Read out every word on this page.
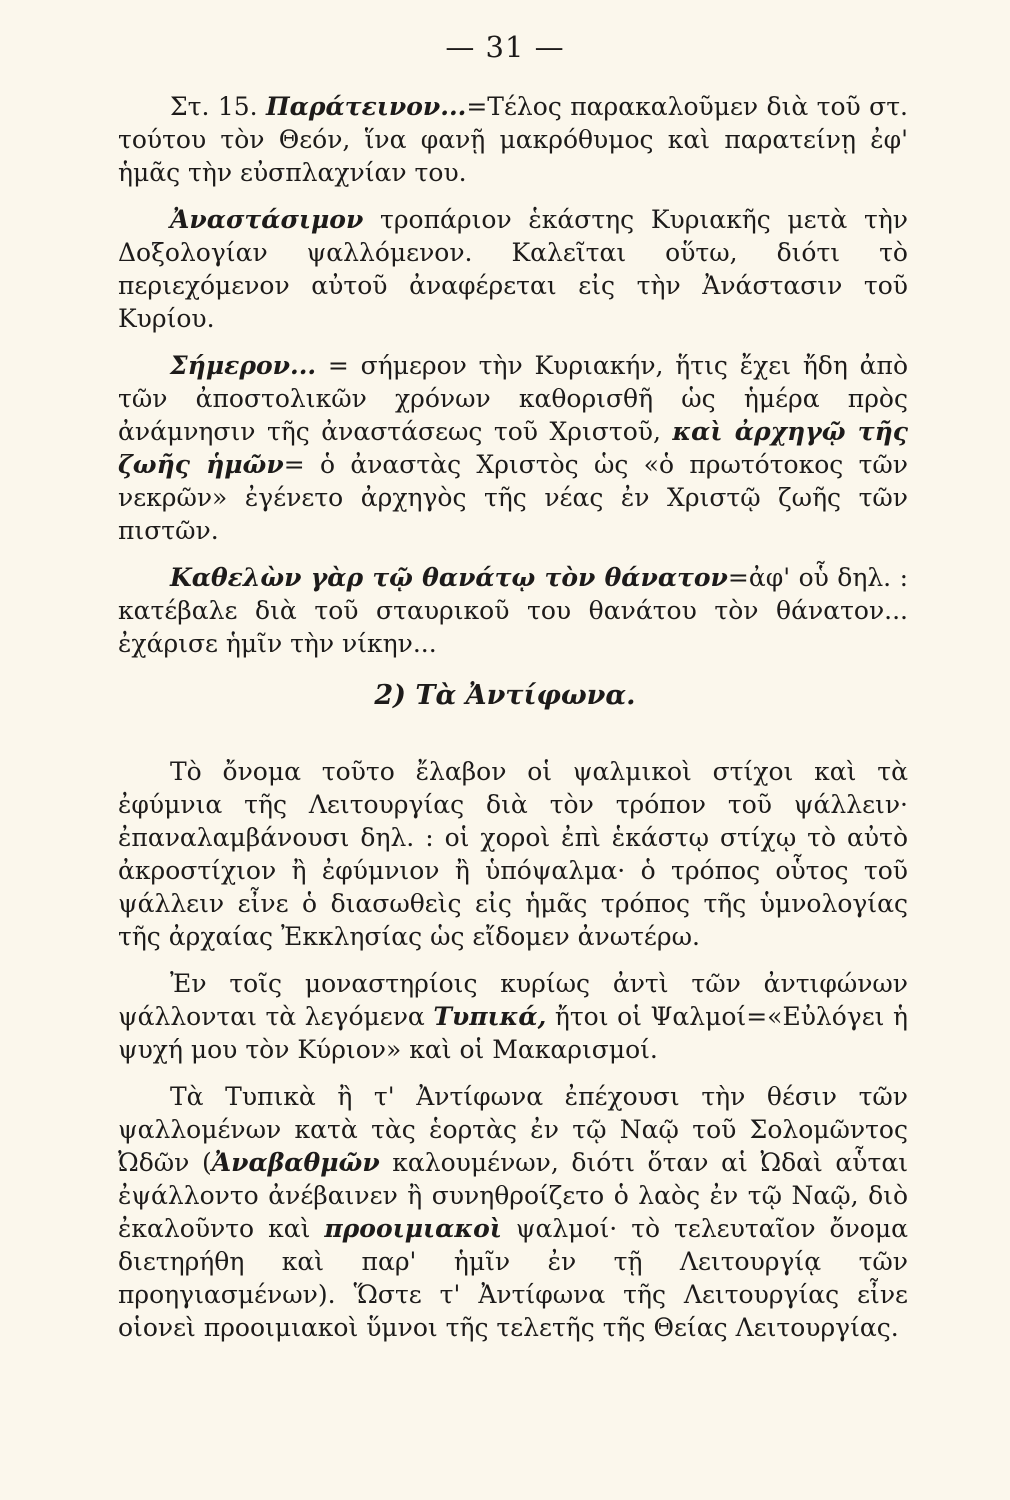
— 31 —

Στ. 15. Παράτεινον...=Τέλος παρακαλοῦμεν διὰ τοῦ στ. τούτου τὸν Θεόν, ἵνα φανῇ μακρόθυμος καὶ παρατείνῃ ἐφ' ἡμᾶς τὴν εὐσπλαχνίαν του.

Ἀναστάσιμον τροπάριον ἑκάστης Κυριακῆς μετὰ τὴν Δοξολογίαν ψαλλόμενον. Καλεῖται οὕτω, διότι τὸ περιεχόμενον αὐτοῦ ἀναφέρεται εἰς τὴν Ἀνάστασιν τοῦ Κυρίου.

Σήμερον... = σήμερον τὴν Κυριακήν, ἥτις ἔχει ἤδη ἀπὸ τῶν ἀποστολικῶν χρόνων καθορισθῆ ὡς ἡμέρα πρὸς ἀνάμνησιν τῆς ἀναστάσεως τοῦ Χριστοῦ, καὶ ἀρχηγῷ τῆς ζωῆς ἡμῶν= ὁ ἀναστὰς Χριστὸς ὡς «ὁ πρωτότοκος τῶν νεκρῶν» ἐγένετο ἀρχηγὸς τῆς νέας ἐν Χριστῷ ζωῆς τῶν πιστῶν.

Καθελὼν γὰρ τῷ θανάτῳ τὸν θάνατον=ἀφ' οὗ δηλ. : κατέβαλε διὰ τοῦ σταυρικοῦ του θανάτου τὸν θάνατον... ἐχάρισε ἡμῖν τὴν νίκην...

2) Τὰ Ἀντίφωνα.

Τὸ ὄνομα τοῦτο ἔλαβον οἱ ψαλμικοὶ στίχοι καὶ τὰ ἐφύμνια τῆς Λειτουργίας διὰ τὸν τρόπον τοῦ ψάλλειν· ἐπαναλαμβάνουσι δηλ. : οἱ χοροὶ ἐπὶ ἑκάστῳ στίχῳ τὸ αὐτὸ ἀκροστίχιον ἢ ἐφύμνιον ἢ ὑπόψαλμα· ὁ τρόπος οὗτος τοῦ ψάλλειν εἶνε ὁ διασωθεὶς εἰς ἡμᾶς τρόπος τῆς ὑμνολογίας τῆς ἀρχαίας Ἐκκλησίας ὡς εἴδομεν ἀνωτέρω.

Ἐν τοῖς μοναστηρίοις κυρίως ἀντὶ τῶν ἀντιφώνων ψάλλονται τὰ λεγόμενα Τυπικά, ἤτοι οἱ Ψαλμοί=«Εὐλόγει ἡ ψυχή μου τὸν Κύριον» καὶ οἱ Μακαρισμοί.

Τὰ Τυπικὰ ἢ τ' Ἀντίφωνα ἐπέχουσι τὴν θέσιν τῶν ψαλλομένων κατὰ τὰς ἑορτὰς ἐν τῷ Ναῷ τοῦ Σολομῶντος Ὠδῶν (Ἀναβαθμῶν καλουμένων, διότι ὅταν αἱ Ὠδαὶ αὗται ἐψάλλοντο ἀνέβαινεν ἢ συνηθροίζετο ὁ λαὸς ἐν τῷ Ναῷ, διὸ ἐκαλοῦντο καὶ προοιμιακοὶ ψαλμοί· τὸ τελευταῖον ὄνομα διετηρήθη καὶ παρ' ἡμῖν ἐν τῇ Λειτουργίᾳ τῶν προηγιασμένων). Ὥστε τ' Ἀντίφωνα τῆς Λειτουργίας εἶνε οἱονεὶ προοιμιακοὶ ὕμνοι τῆς τελετῆς τῆς Θείας Λειτουργίας.
